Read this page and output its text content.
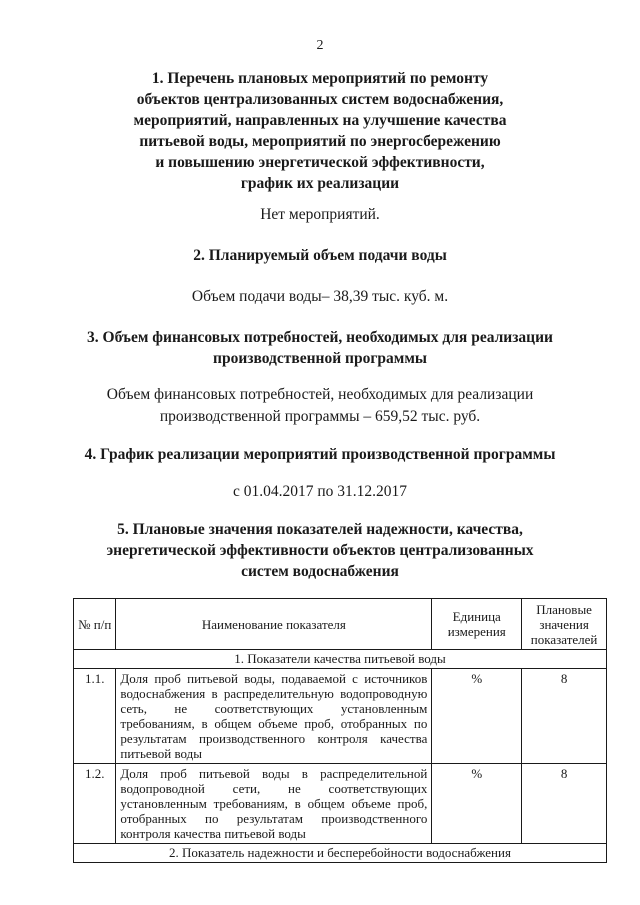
2
1. Перечень плановых мероприятий по ремонту
объектов централизованных систем водоснабжения,
мероприятий, направленных на улучшение качества
питьевой воды, мероприятий по энергосбережению
и повышению энергетической эффективности,
график их реализации
Нет мероприятий.
2. Планируемый объем подачи воды
Объем подачи воды– 38,39 тыс. куб. м.
3. Объем финансовых потребностей, необходимых для реализации
производственной программы
Объем финансовых потребностей, необходимых для реализации
производственной программы – 659,52 тыс. руб.
4. График реализации мероприятий производственной программы
с 01.04.2017 по 31.12.2017
5. Плановые значения показателей надежности, качества,
энергетической эффективности объектов централизованных
систем водоснабжения
№ п/п	Наименование показателя	Единица измерения	Плановые значения показателей
1. Показатели качества питьевой воды			
1.1.	Доля проб питьевой воды, подаваемой с источников водоснабжения в распределительную водопроводную сеть, не соответствующих установленным требованиям, в общем объеме проб, отобранных по результатам производственного контроля качества питьевой воды	%	8
1.2.	Доля проб питьевой воды в распределительной водопроводной сети, не соответствующих установленным требованиям, в общем объеме проб, отобранных по результатам производственного контроля качества питьевой воды	%	8
2. Показатель надежности и бесперебойности водоснабжения			
